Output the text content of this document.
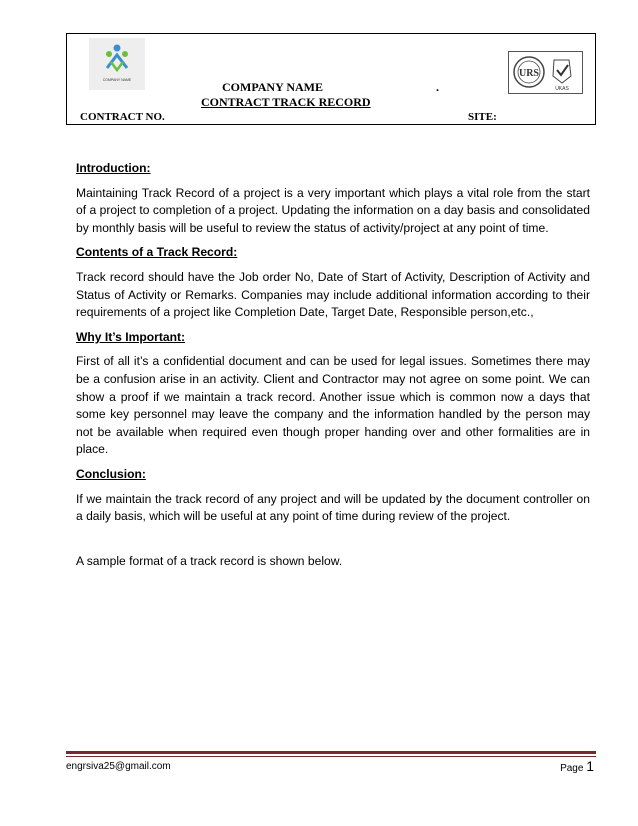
COMPANY NAME
URS
UKAS
COMPANY NAME	.
CONTRACT TRACK RECORD
CONTRACT NO.	SITE:
Introduction:
Maintaining Track Record of a project is a very important which plays a vital role from the start of a project to completion of a project. Updating the information on a day basis and consolidated by monthly basis will be useful to review the status of activity/project at any point of time.
Contents of a Track Record:
Track record should have the Job order No, Date of Start of Activity, Description of Activity and Status of Activity or Remarks. Companies may include additional information according to their requirements of a project like Completion Date, Target Date, Responsible person,etc.,
Why It’s Important:
First of all it’s a confidential document and can be used for legal issues. Sometimes there may be a confusion arise in an activity. Client and Contractor may not agree on some point. We can show a proof if we maintain a track record. Another issue which is common now a days that some key personnel may leave the company and the information handled by the person may not be available when required even though proper handing over and other formalities are in place.
Conclusion:
If we maintain the track record of any project and will be updated by the document controller on a daily basis, which will be useful at any point of time during review of the project.
A sample format of a track record is shown below.
engrsiva25@gmail.com	Page 1
